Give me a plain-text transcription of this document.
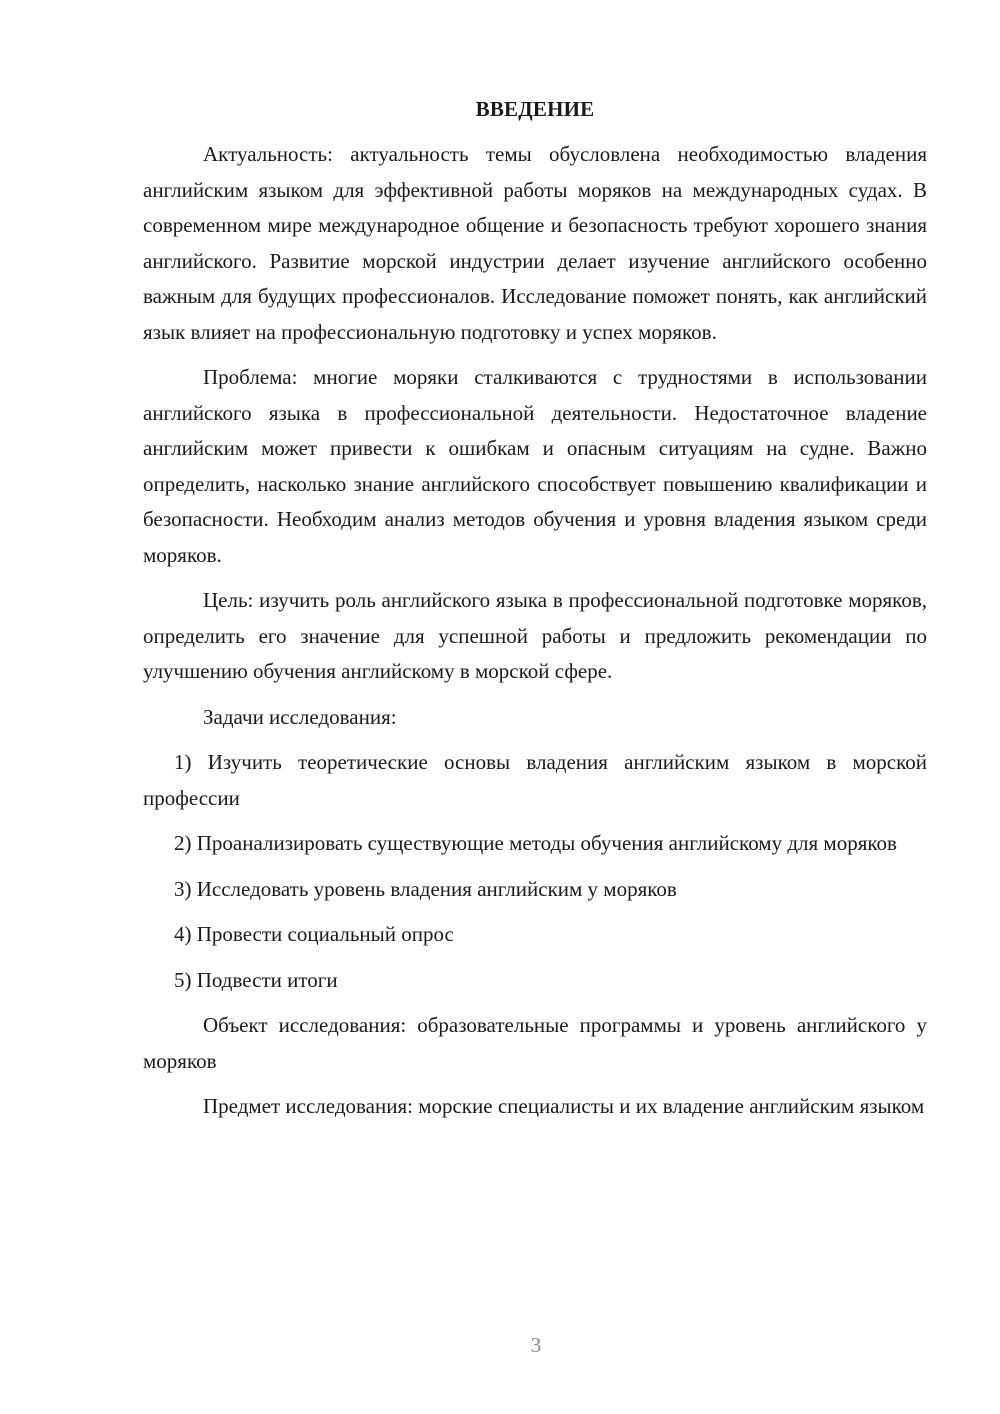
ВВЕДЕНИЕ

Актуальность: актуальность темы обусловлена необходимостью владения английским языком для эффективной работы моряков на международных судах. В современном мире международное общение и безопасность требуют хорошего знания английского. Развитие морской индустрии делает изучение английского особенно важным для будущих профессионалов. Исследование поможет понять, как английский язык влияет на профессиональную подготовку и успех моряков.

Проблема: многие моряки сталкиваются с трудностями в использовании английского языка в профессиональной деятельности. Недостаточное владение английским может привести к ошибкам и опасным ситуациям на судне. Важно определить, насколько знание английского способствует повышению квалификации и безопасности. Необходим анализ методов обучения и уровня владения языком среди моряков.

Цель: изучить роль английского языка в профессиональной подготовке моряков, определить его значение для успешной работы и предложить рекомендации по улучшению обучения английскому в морской сфере.

Задачи исследования:

1) Изучить теоретические основы владения английским языком в морской профессии

2) Проанализировать существующие методы обучения английскому для моряков

3) Исследовать уровень владения английским у моряков

4) Провести социальный опрос

5) Подвести итоги

Объект исследования: образовательные программы и уровень английского у моряков

Предмет исследования: морские специалисты и их владение английским языком

3
